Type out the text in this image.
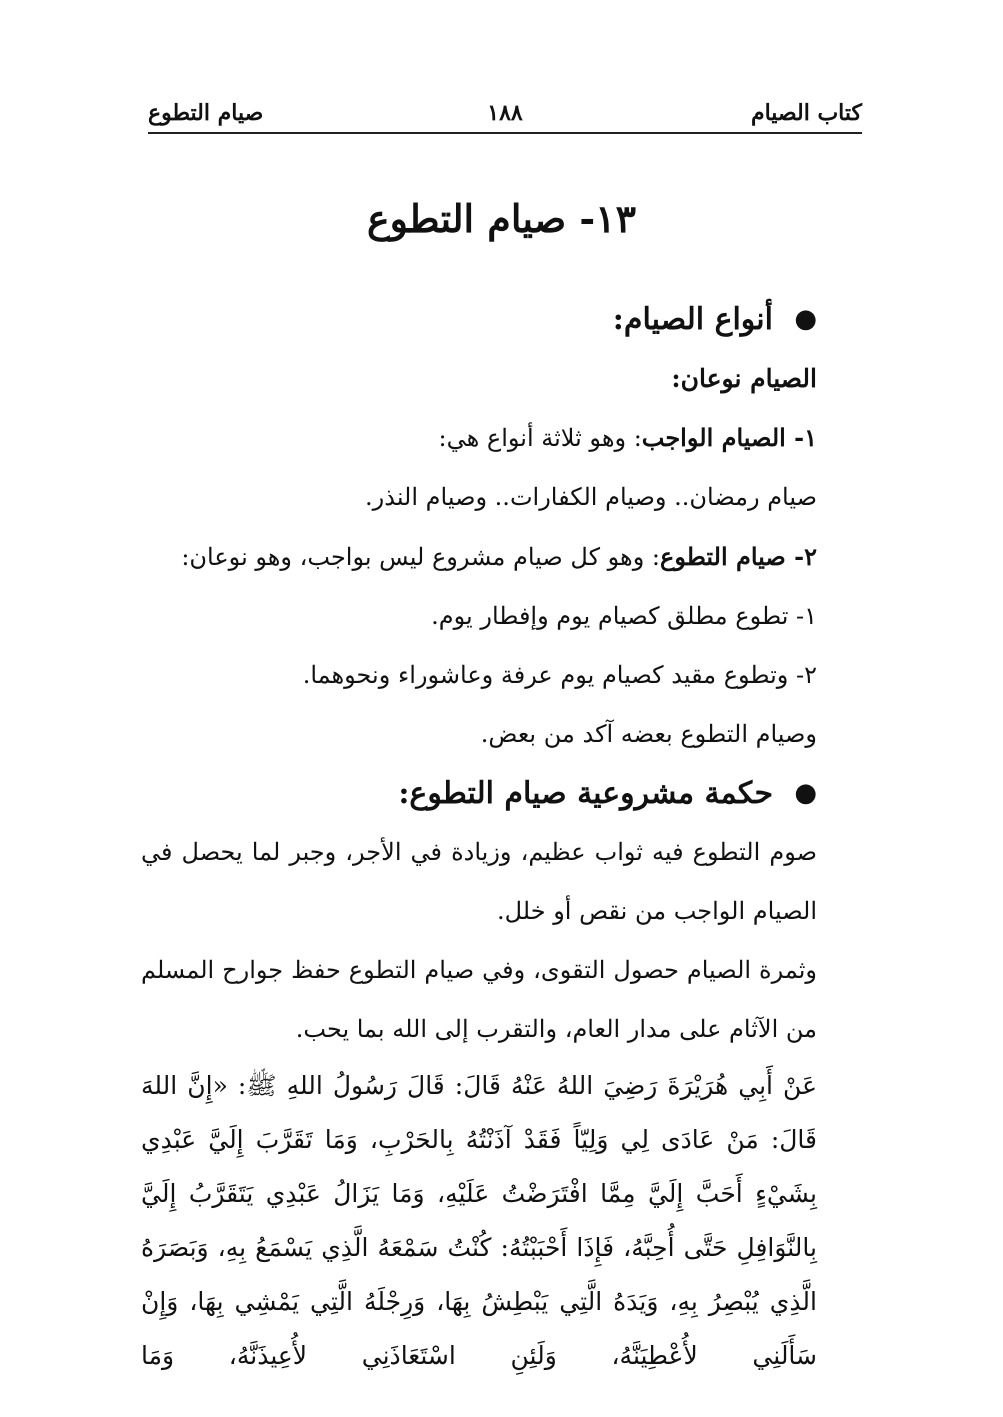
كتاب الصيام
١٨٨
صيام التطوع
١٣- صيام التطوع

●
أنواع الصيام:

الصيام نوعان:

١- الصيام الواجب: وهو ثلاثة أنواع هي:

صيام رمضان.. وصيام الكفارات.. وصيام النذر.

٢- صيام التطوع: وهو كل صيام مشروع ليس بواجب، وهو نوعان:

١- تطوع مطلق كصيام يوم وإفطار يوم.

٢- وتطوع مقيد كصيام يوم عرفة وعاشوراء ونحوهما.

وصيام التطوع بعضه آكد من بعض.

●
حكمة مشروعية صيام التطوع:

صوم التطوع فيه ثواب عظيم، وزيادة في الأجر، وجبر لما يحصل في الصيام الواجب من نقص أو خلل.

وثمرة الصيام حصول التقوى، وفي صيام التطوع حفظ جوارح المسلم من الآثام على مدار العام، والتقرب إلى الله بما يحب.

عَنْ أَبِي هُرَيْرَةَ رَضِيَ اللهُ عَنْهُ قَالَ: قَالَ رَسُولُ اللهِ ﷺ: «إِنَّ اللهَ قَالَ: مَنْ عَادَى لِي وَلِيّاً فَقَدْ آذَنْتُهُ بِالحَرْبِ، وَمَا تَقَرَّبَ إِلَيَّ عَبْدِي بِشَيْءٍ أَحَبَّ إِلَيَّ مِمَّا افْتَرَضْتُ عَلَيْهِ، وَمَا يَزَالُ عَبْدِي يَتَقَرَّبُ إِلَيَّ بِالنَّوَافِلِ حَتَّى أُحِبَّهُ، فَإِذَا أَحْبَبْتُهُ: كُنْتُ سَمْعَهُ الَّذِي يَسْمَعُ بِهِ، وَبَصَرَهُ الَّذِي يُبْصِرُ بِهِ، وَيَدَهُ الَّتِي يَبْطِشُ بِهَا، وَرِجْلَهُ الَّتِي يَمْشِي بِهَا، وَإِنْ سَأَلَنِي لأُعْطِيَنَّهُ، وَلَئِنِ اسْتَعَاذَنِي لأُعِيذَنَّهُ، وَمَا
